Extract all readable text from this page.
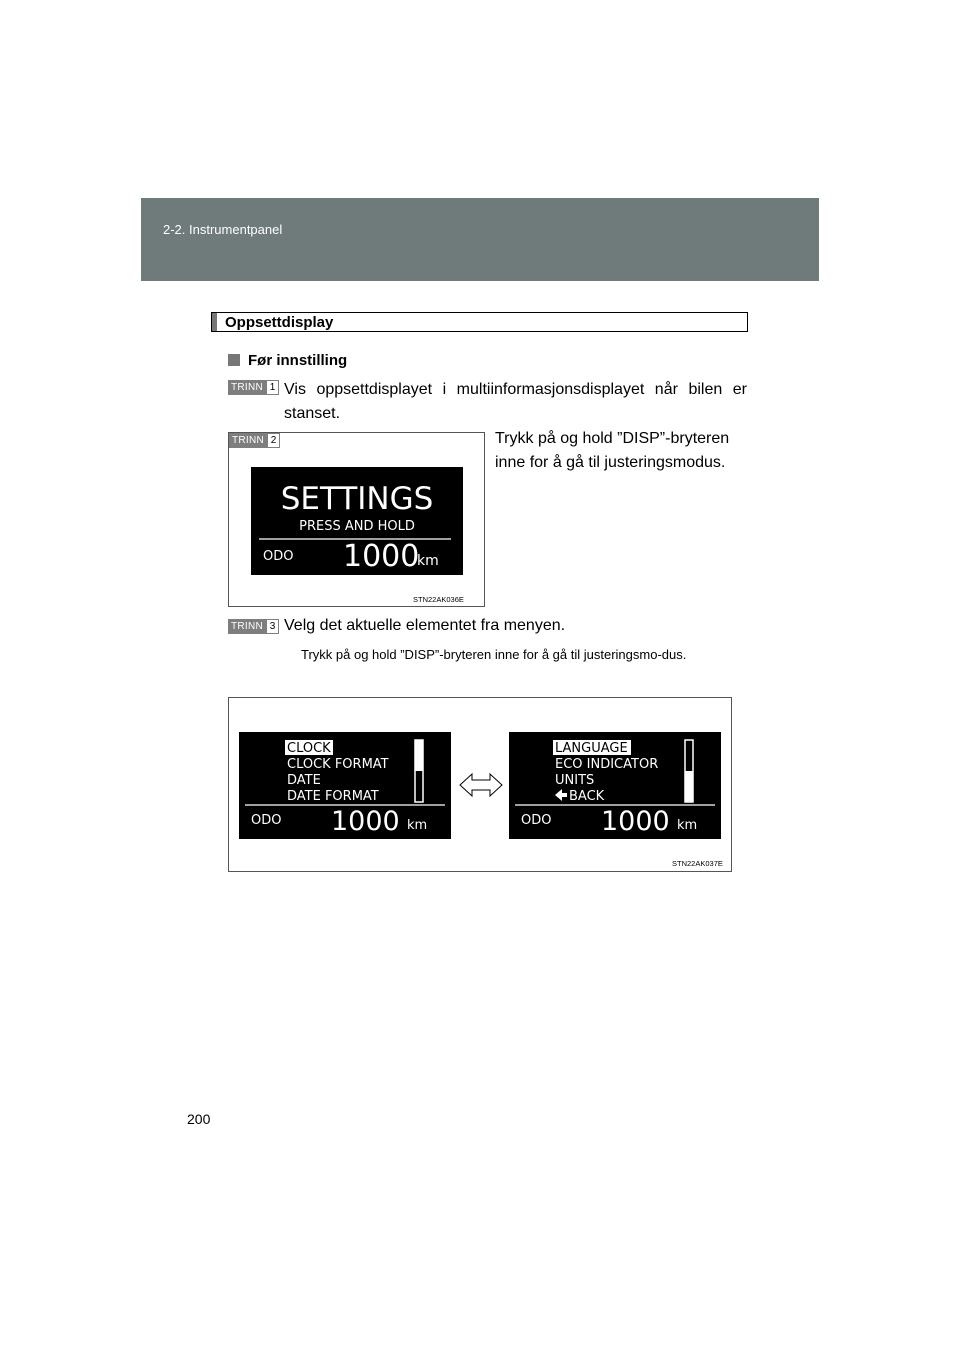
2-2. Instrumentpanel
Oppsettdisplay
Før innstilling
TRINN 1 Vis oppsettdisplayet i multiinformasjonsdisplayet når bilen er stanset.
TRINN 2
SETTINGS
PRESS AND HOLD
ODO 1000
km
STN22AK036E
Trykk på og hold ”DISP”-bryteren inne for å gå til justeringsmodus.
TRINN 3 Velg det aktuelle elementet fra menyen.
Trykk på og hold ”DISP”-bryteren inne for å gå til justeringsmo-dus.
CLOCK
CLOCK FORMAT
DATE
DATE FORMAT
ODO 1000 km
LANGUAGE
ECO INDICATOR
UNITS
BACK
ODO 1000 km
STN22AK037E
200
